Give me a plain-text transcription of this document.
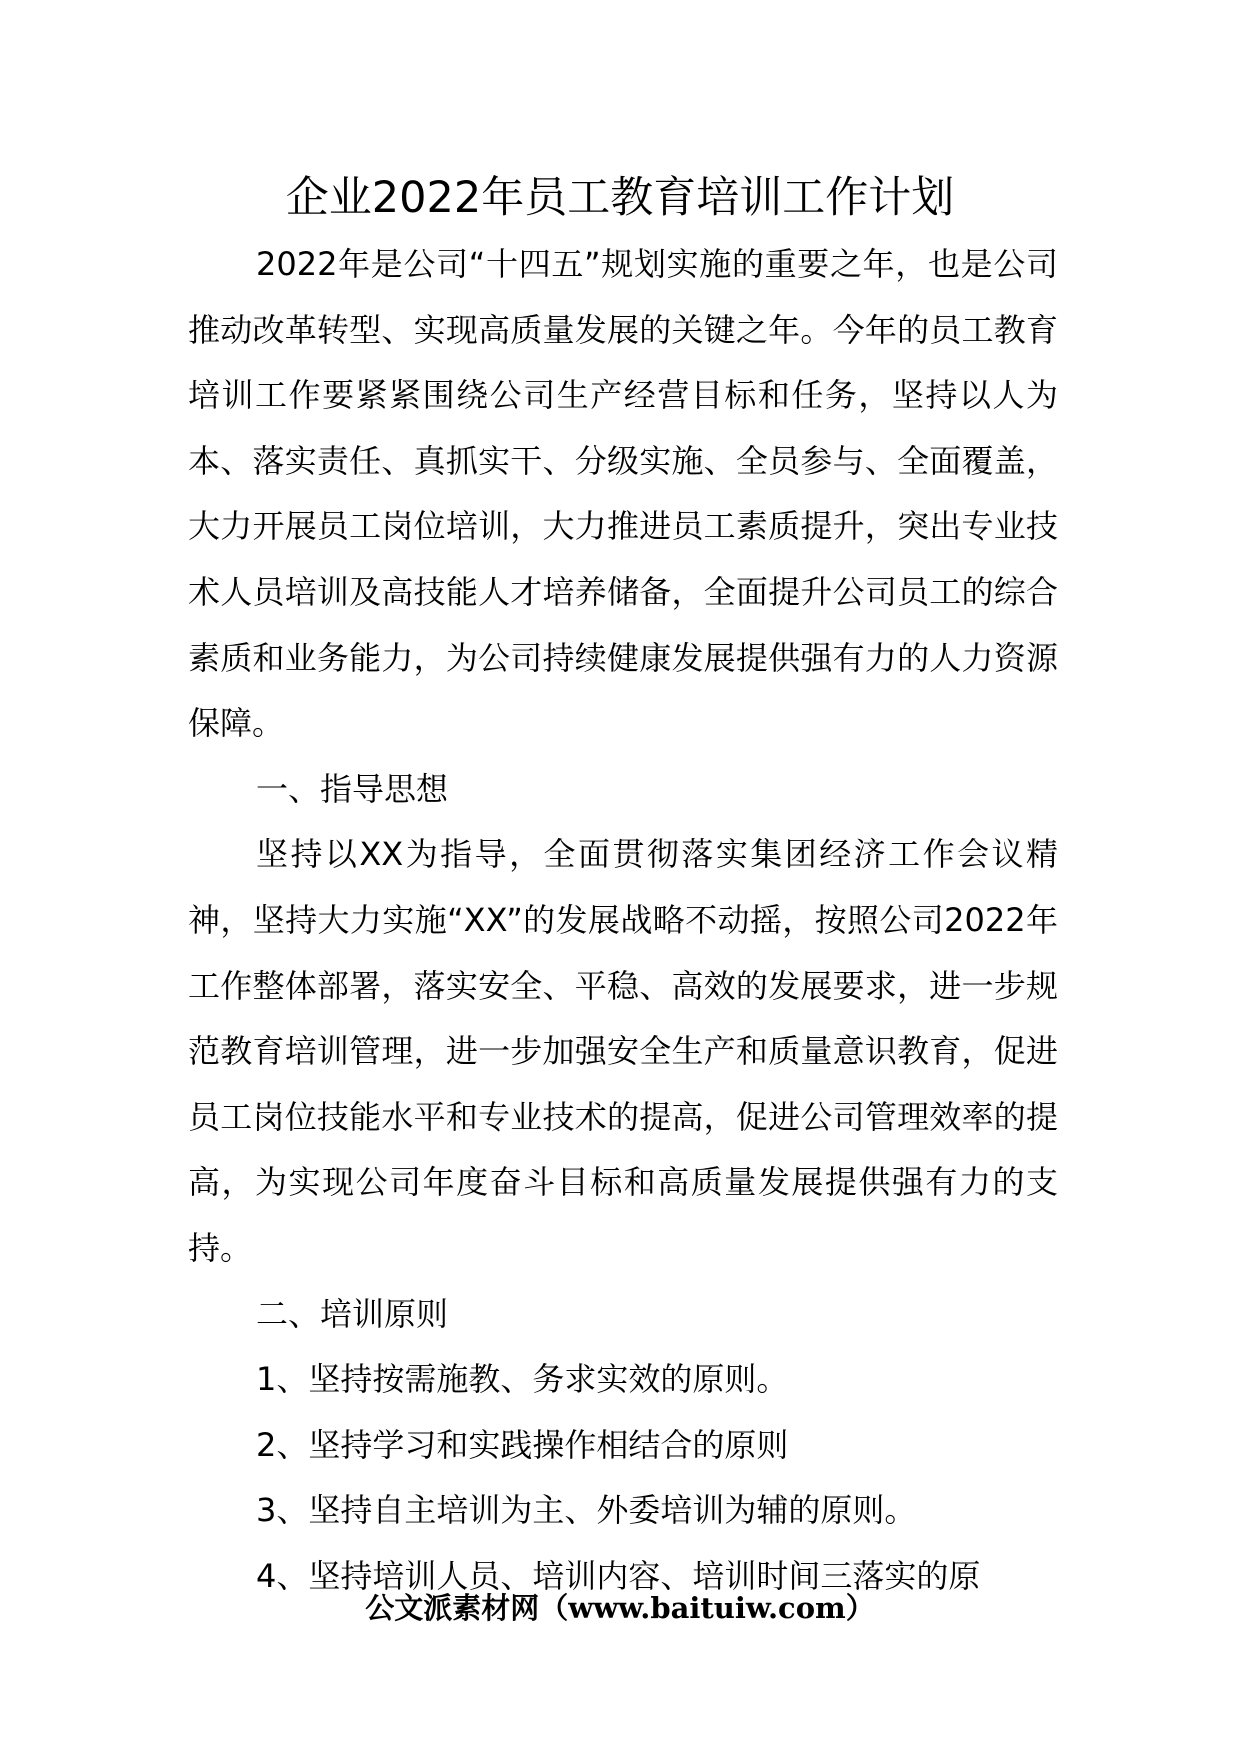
企业2022年员工教育培训工作计划

2022年是公司“十四五”规划实施的重要之年，也是公司推动改革转型、实现高质量发展的关键之年。今年的员工教育培训工作要紧紧围绕公司生产经营目标和任务，坚持以人为本、落实责任、真抓实干、分级实施、全员参与、全面覆盖，大力开展员工岗位培训，大力推进员工素质提升，突出专业技术人员培训及高技能人才培养储备，全面提升公司员工的综合素质和业务能力，为公司持续健康发展提供强有力的人力资源保障。

一、指导思想

坚持以XX为指导，全面贯彻落实集团经济工作会议精神，坚持大力实施“XX”的发展战略不动摇，按照公司2022年工作整体部署，落实安全、平稳、高效的发展要求，进一步规范教育培训管理，进一步加强安全生产和质量意识教育，促进员工岗位技能水平和专业技术的提高，促进公司管理效率的提高，为实现公司年度奋斗目标和高质量发展提供强有力的支持。

二、培训原则

1、坚持按需施教、务求实效的原则。

2、坚持学习和实践操作相结合的原则

3、坚持自主培训为主、外委培训为辅的原则。

4、坚持培训人员、培训内容、培训时间三落实的原

公文派素材网（www.baituiw.com）
